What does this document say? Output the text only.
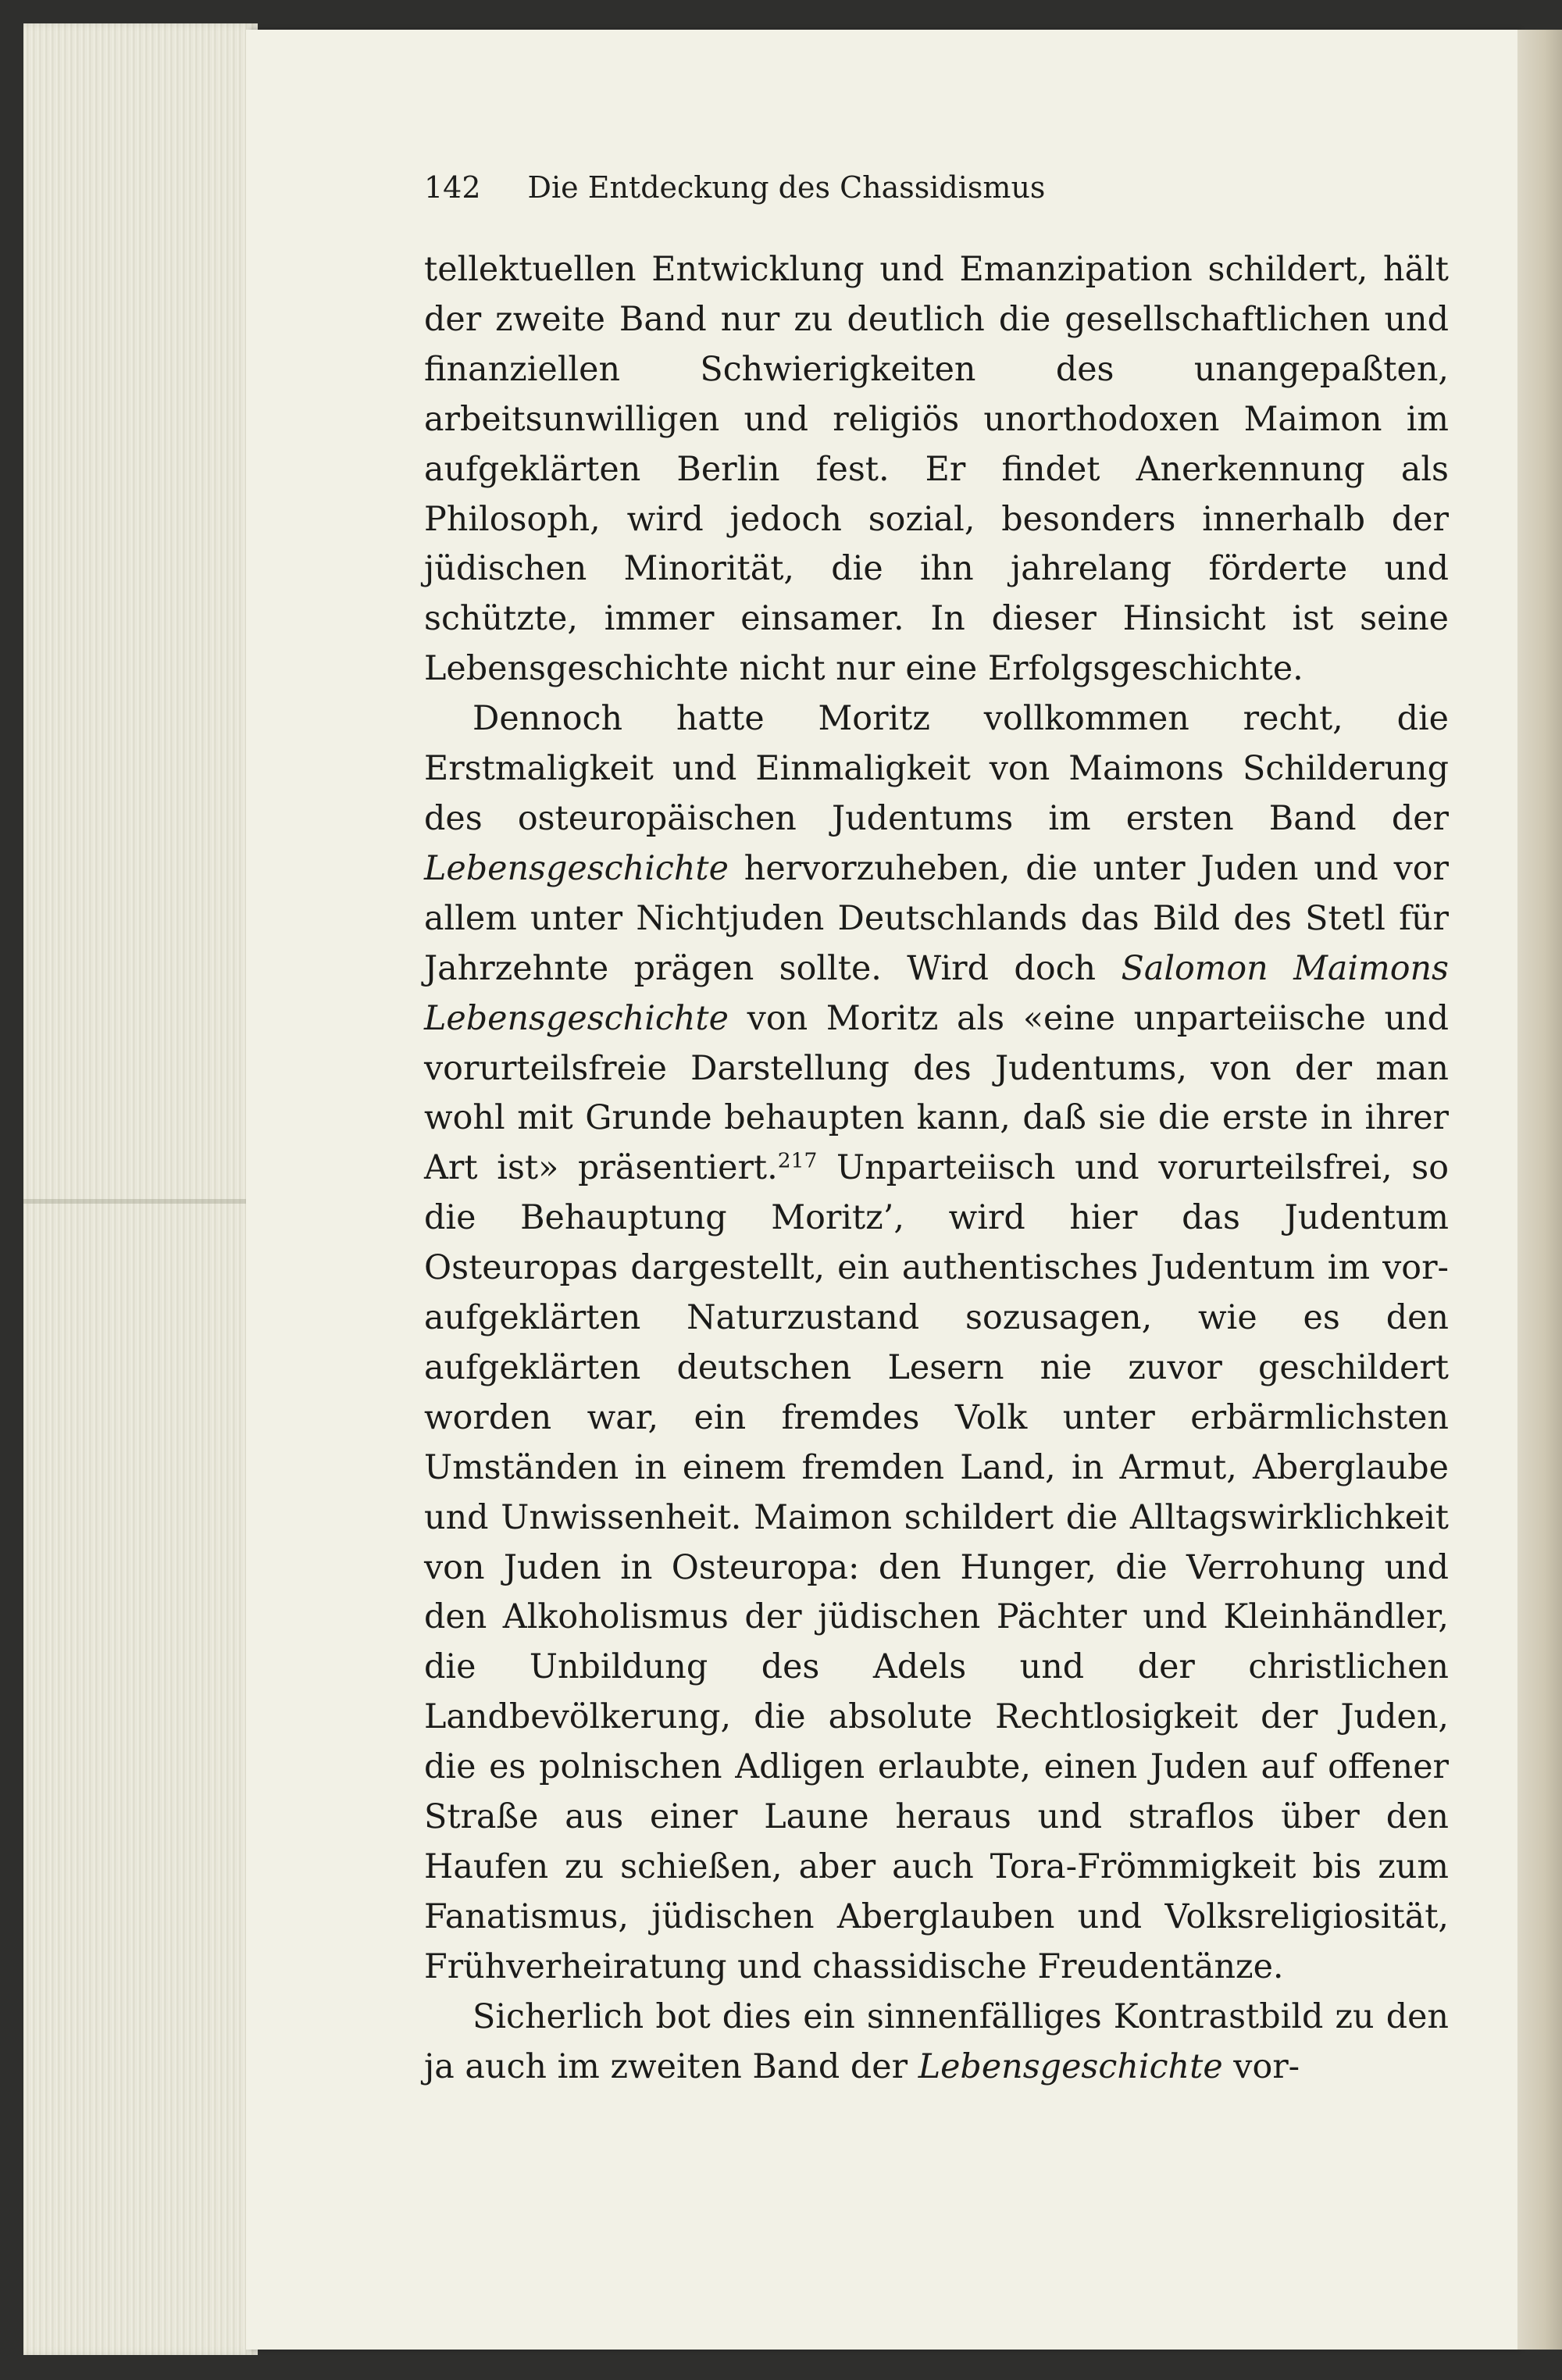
142 Die Entdeckung des Chassidismus

tellektuellen Entwicklung und Emanzipation schildert, hält der zweite Band nur zu deutlich die gesellschaftlichen und finanziellen Schwierigkeiten des unangepaßten, arbeitsunwilligen und religiös unorthodoxen Maimon im aufgeklärten Berlin fest. Er findet Anerkennung als Philosoph, wird jedoch sozial, besonders innerhalb der jüdischen Minorität, die ihn jahrelang förderte und schützte, immer einsamer. In dieser Hinsicht ist seine Lebensgeschichte nicht nur eine Erfolgsgeschichte.

Dennoch hatte Moritz vollkommen recht, die Erstmaligkeit und Einmaligkeit von Maimons Schilderung des osteuropäischen Judentums im ersten Band der Lebensgeschichte hervorzuheben, die unter Juden und vor allem unter Nichtjuden Deutschlands das Bild des Stetl für Jahrzehnte prägen sollte. Wird doch Salomon Maimons Lebensgeschichte von Moritz als «eine unparteiische und vorurteilsfreie Darstellung des Judentums, von der man wohl mit Grunde behaupten kann, daß sie die erste in ihrer Art ist» präsentiert.$^{217}$ Unparteiisch und vorurteilsfrei, so die Behauptung Moritz’, wird hier das Judentum Osteuropas dargestellt, ein authentisches Judentum im vor-aufgeklärten Naturzustand sozusagen, wie es den aufgeklärten deutschen Lesern nie zuvor geschildert worden war, ein fremdes Volk unter erbärmlichsten Umständen in einem fremden Land, in Armut, Aberglaube und Unwissenheit. Maimon schildert die Alltagswirklichkeit von Juden in Osteuropa: den Hunger, die Verrohung und den Alkoholismus der jüdischen Pächter und Kleinhändler, die Unbildung des Adels und der christlichen Landbevölkerung, die absolute Rechtlosigkeit der Juden, die es polnischen Adligen erlaubte, einen Juden auf offener Straße aus einer Laune heraus und straflos über den Haufen zu schießen, aber auch Tora-Frömmigkeit bis zum Fanatismus, jüdischen Aberglauben und Volksreligiosität, Frühverheiratung und chassidische Freudentänze.

Sicherlich bot dies ein sinnenfälliges Kontrastbild zu den ja auch im zweiten Band der Lebensgeschichte vor-
